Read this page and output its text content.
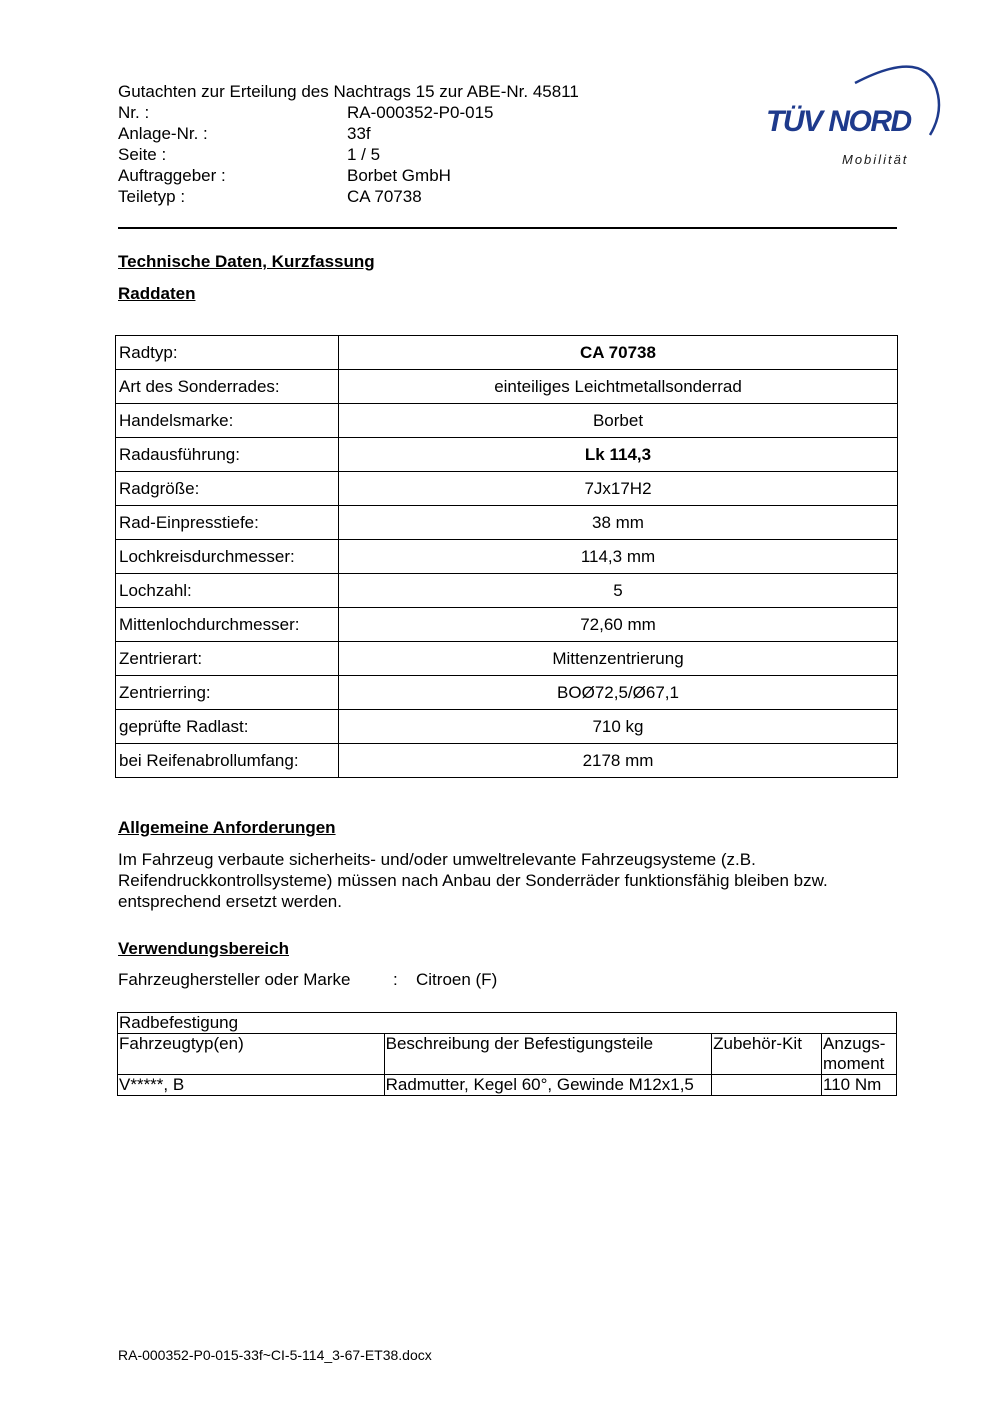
Gutachten zur Erteilung des Nachtrags 15 zur ABE-Nr. 45811
Nr. :	RA-000352-P0-015
Anlage-Nr. :	33f
Seite :	1 / 5
Auftraggeber :	Borbet GmbH
Teiletyp :	CA 70738
TÜV NORD
Mobilität
Technische Daten, Kurzfassung
Raddaten
Radtyp:	CA 70738
Art des Sonderrades:	einteiliges Leichtmetallsonderrad
Handelsmarke:	Borbet
Radausführung:	Lk 114,3
Radgröße:	7Jx17H2
Rad-Einpresstiefe:	38 mm
Lochkreisdurchmesser:	114,3 mm
Lochzahl:	5
Mittenlochdurchmesser:	72,60 mm
Zentrierart:	Mittenzentrierung
Zentrierring:	BOØ72,5/Ø67,1
geprüfte Radlast:	710 kg
bei Reifenabrollumfang:	2178 mm
Allgemeine Anforderungen
Im Fahrzeug verbaute sicherheits- und/oder umweltrelevante Fahrzeugsysteme (z.B. Reifendruckkontrollsysteme) müssen nach Anbau der Sonderräder funktionsfähig bleiben bzw. entsprechend ersetzt werden.
Verwendungsbereich
Fahrzeughersteller oder Marke	:	Citroen (F)
Radbefestigung			
Fahrzeugtyp(en)	Beschreibung der Befestigungsteile	Zubehör-Kit	Anzugs-moment
V*****, B	Radmutter, Kegel 60°, Gewinde M12x1,5		110 Nm
RA-000352-P0-015-33f~CI-5-114_3-67-ET38.docx
